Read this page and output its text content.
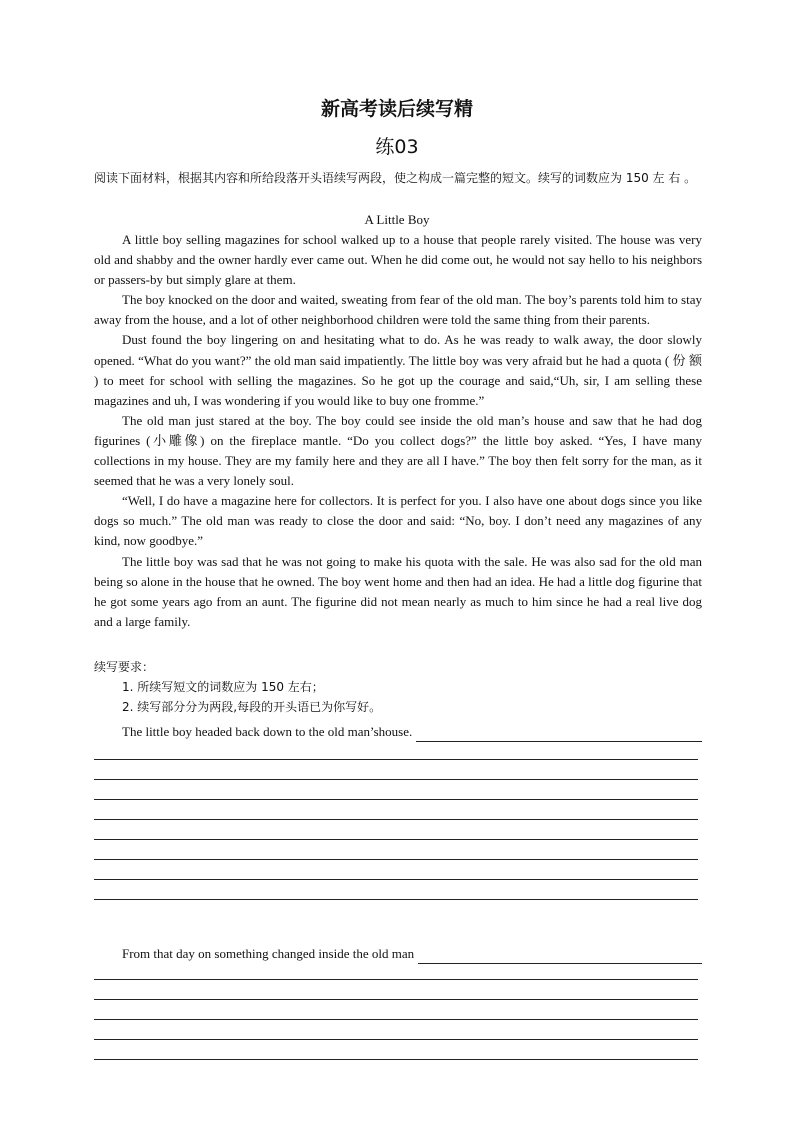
新高考读后续写精
练03
阅读下面材料，根据其内容和所给段落开头语续写两段，使之构成一篇完整的短文。续写的词数应为 150 左 右 。
A Little Boy

A little boy selling magazines for school walked up to a house that people rarely visited. The house was very old and shabby and the owner hardly ever came out. When he did come out, he would not say hello to his neighbors or passers-by but simply glare at them.

The boy knocked on the door and waited, sweating from fear of the old man. The boy’s parents told him to stay away from the house, and a lot of other neighborhood children were told the same thing from their parents.

Dust found the boy lingering on and hesitating what to do. As he was ready to walk away, the door slowly opened. “What do you want?” the old man said impatiently. The little boy was very afraid but he had a quota ( 份 额 ) to meet for school with selling the magazines. So he got up the courage and said,“Uh, sir, I am selling these magazines and uh, I was wondering if you would like to buy one fromme.”

The old man just stared at the boy. The boy could see inside the old man’s house and saw that he had dog figurines (小雕像) on the fireplace mantle. “Do you collect dogs?” the little boy asked. “Yes, I have many collections in my house. They are my family here and they are all I have.” The boy then felt sorry for the man, as it seemed that he was a very lonely soul.

“Well, I do have a magazine here for collectors. It is perfect for you. I also have one about dogs since you like dogs so much.” The old man was ready to close the door and said: “No, boy. I don’t need any magazines of any kind, now goodbye.”

The little boy was sad that he was not going to make his quota with the sale. He was also sad for the old man being so alone in the house that he owned. The boy went home and then had an idea. He had a little dog figurine that he got some years ago from an aunt. The figurine did not mean nearly as much to him since he had a real live dog and a large family.

续写要求：
1. 所续写短文的词数应为 150 左右；
2. 续写部分分为两段,每段的开头语已为你写好。
The little boy headed back down to the old man’shouse.
From that day on something changed inside the old man
